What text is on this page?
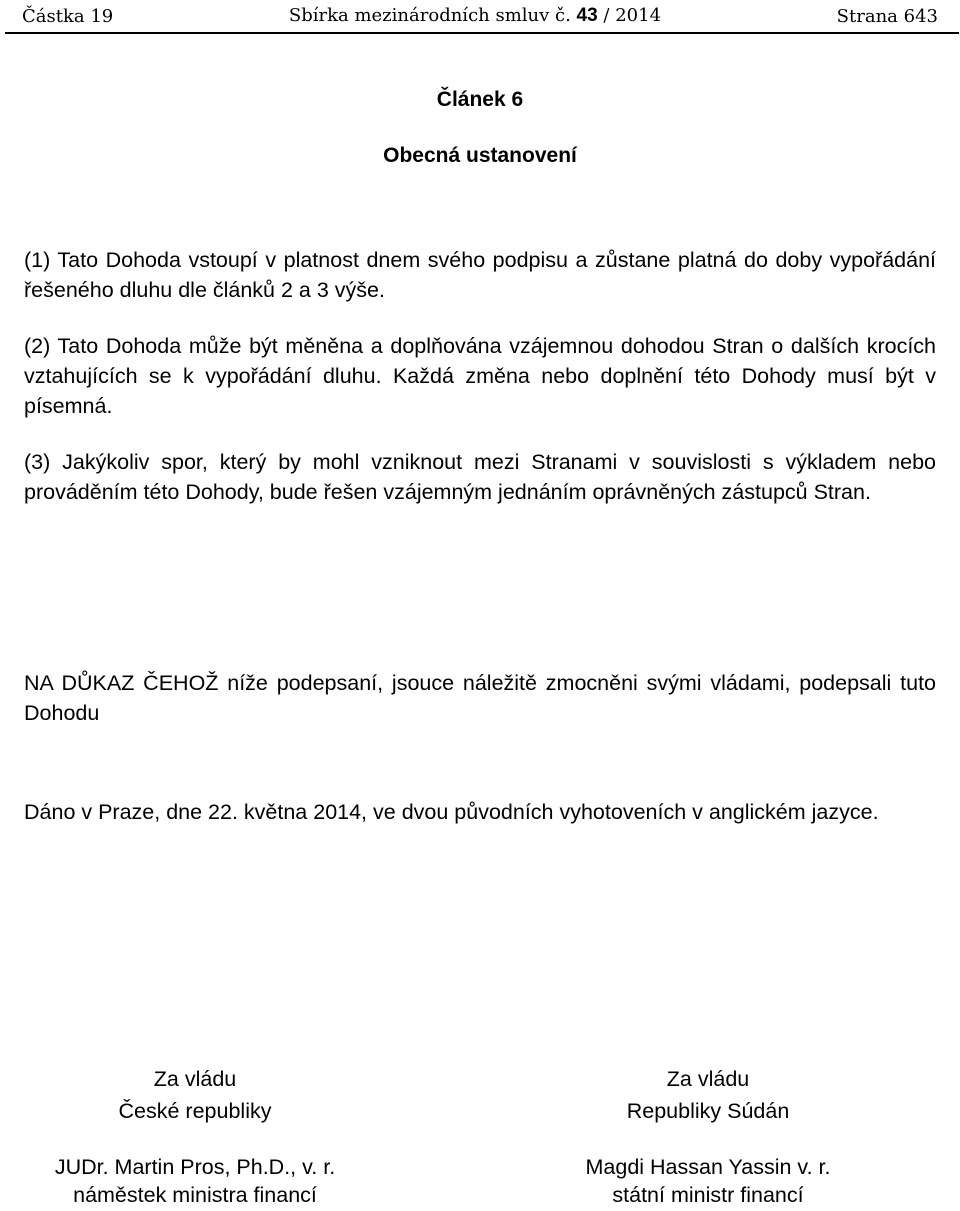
Částka 19	Sbírka mezinárodních smluv č. 43 / 2014	Strana 643
Článek 6
Obecná ustanovení

(1) Tato Dohoda vstoupí v platnost dnem svého podpisu a zůstane platná do doby vypořádání řešeného dluhu dle článků 2 a 3 výše.

(2) Tato Dohoda může být měněna a doplňována vzájemnou dohodou Stran o dalších krocích vztahujících se k vypořádání dluhu. Každá změna nebo doplnění této Dohody musí být v písemná.

(3) Jakýkoliv spor, který by mohl vzniknout mezi Stranami v souvislosti s výkladem nebo prováděním této Dohody, bude řešen vzájemným jednáním oprávněných zástupců Stran.

NA DŮKAZ ČEHOŽ níže podepsaní, jsouce náležitě zmocněni svými vládami, podepsali tuto Dohodu

Dáno v Praze, dne 22. května 2014, ve dvou původních vyhotoveních v anglickém jazyce.

Za vládu
České republiky
JUDr. Martin Pros, Ph.D., v. r.
náměstek ministra financí
Za vládu
Republiky Súdán
Magdi Hassan Yassin v. r.
státní ministr financí
